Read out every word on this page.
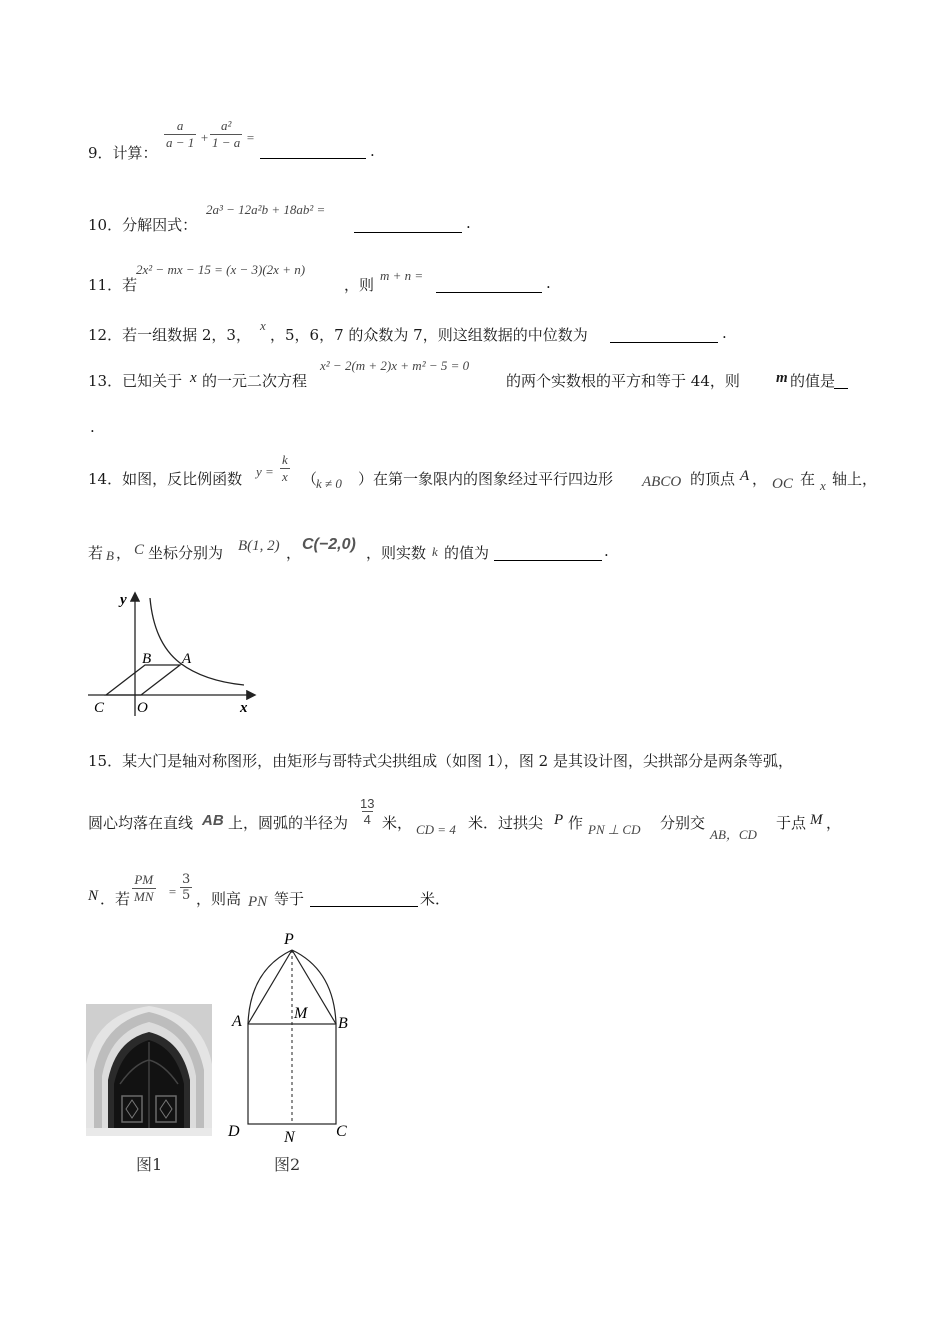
9．计算：
$\frac{a}{a - 1} + \frac{\text{a²}}{1 - a}$ =
.
10．分解因式：
2a³ − 12a²b + 18ab² =
.
11．若
2x² − mx − 15 = (x − 3)(2x + n)
，则
m + n =	.
12．若一组数据 2，3，
x
，5，6，7 的众数为 7，则这组数据的中位数为	.
13．已知关于 x 的一元二次方程
x² − 2(m + 2)x + m² − 5 = 0
的两个实数根的平方和等于 44，则 m 的值是
.
14．如图，反比例函数 $y = \frac{k}{x}$ （
k ≠ 0 ）在第一象限内的图象经过平行四边形 ABCO 的顶点 A ， OC 在 x 轴上，
若 B ， C 坐标分别为 B(1, 2) ， C(−2,0) ，则实数 k 的值为	.
y
x
B A
C O
15．某大门是轴对称图形，由矩形与哥特式尖拱组成（如图 1），图 2 是其设计图，尖拱部分是两条等弧，
圆心均落在直线 AB 上，圆弧的半径为 $\frac{13}{4}$ 米， CD = 4 米．过拱尖 P 作 PN ⊥ CD 分别交
AB，CD
于点 M ，
N ．若 $\frac{PM}{MN} = \frac{3}{5}$ ，则高 PN 等于	米．
图1
P
A	M
B
D	N	C
图2
